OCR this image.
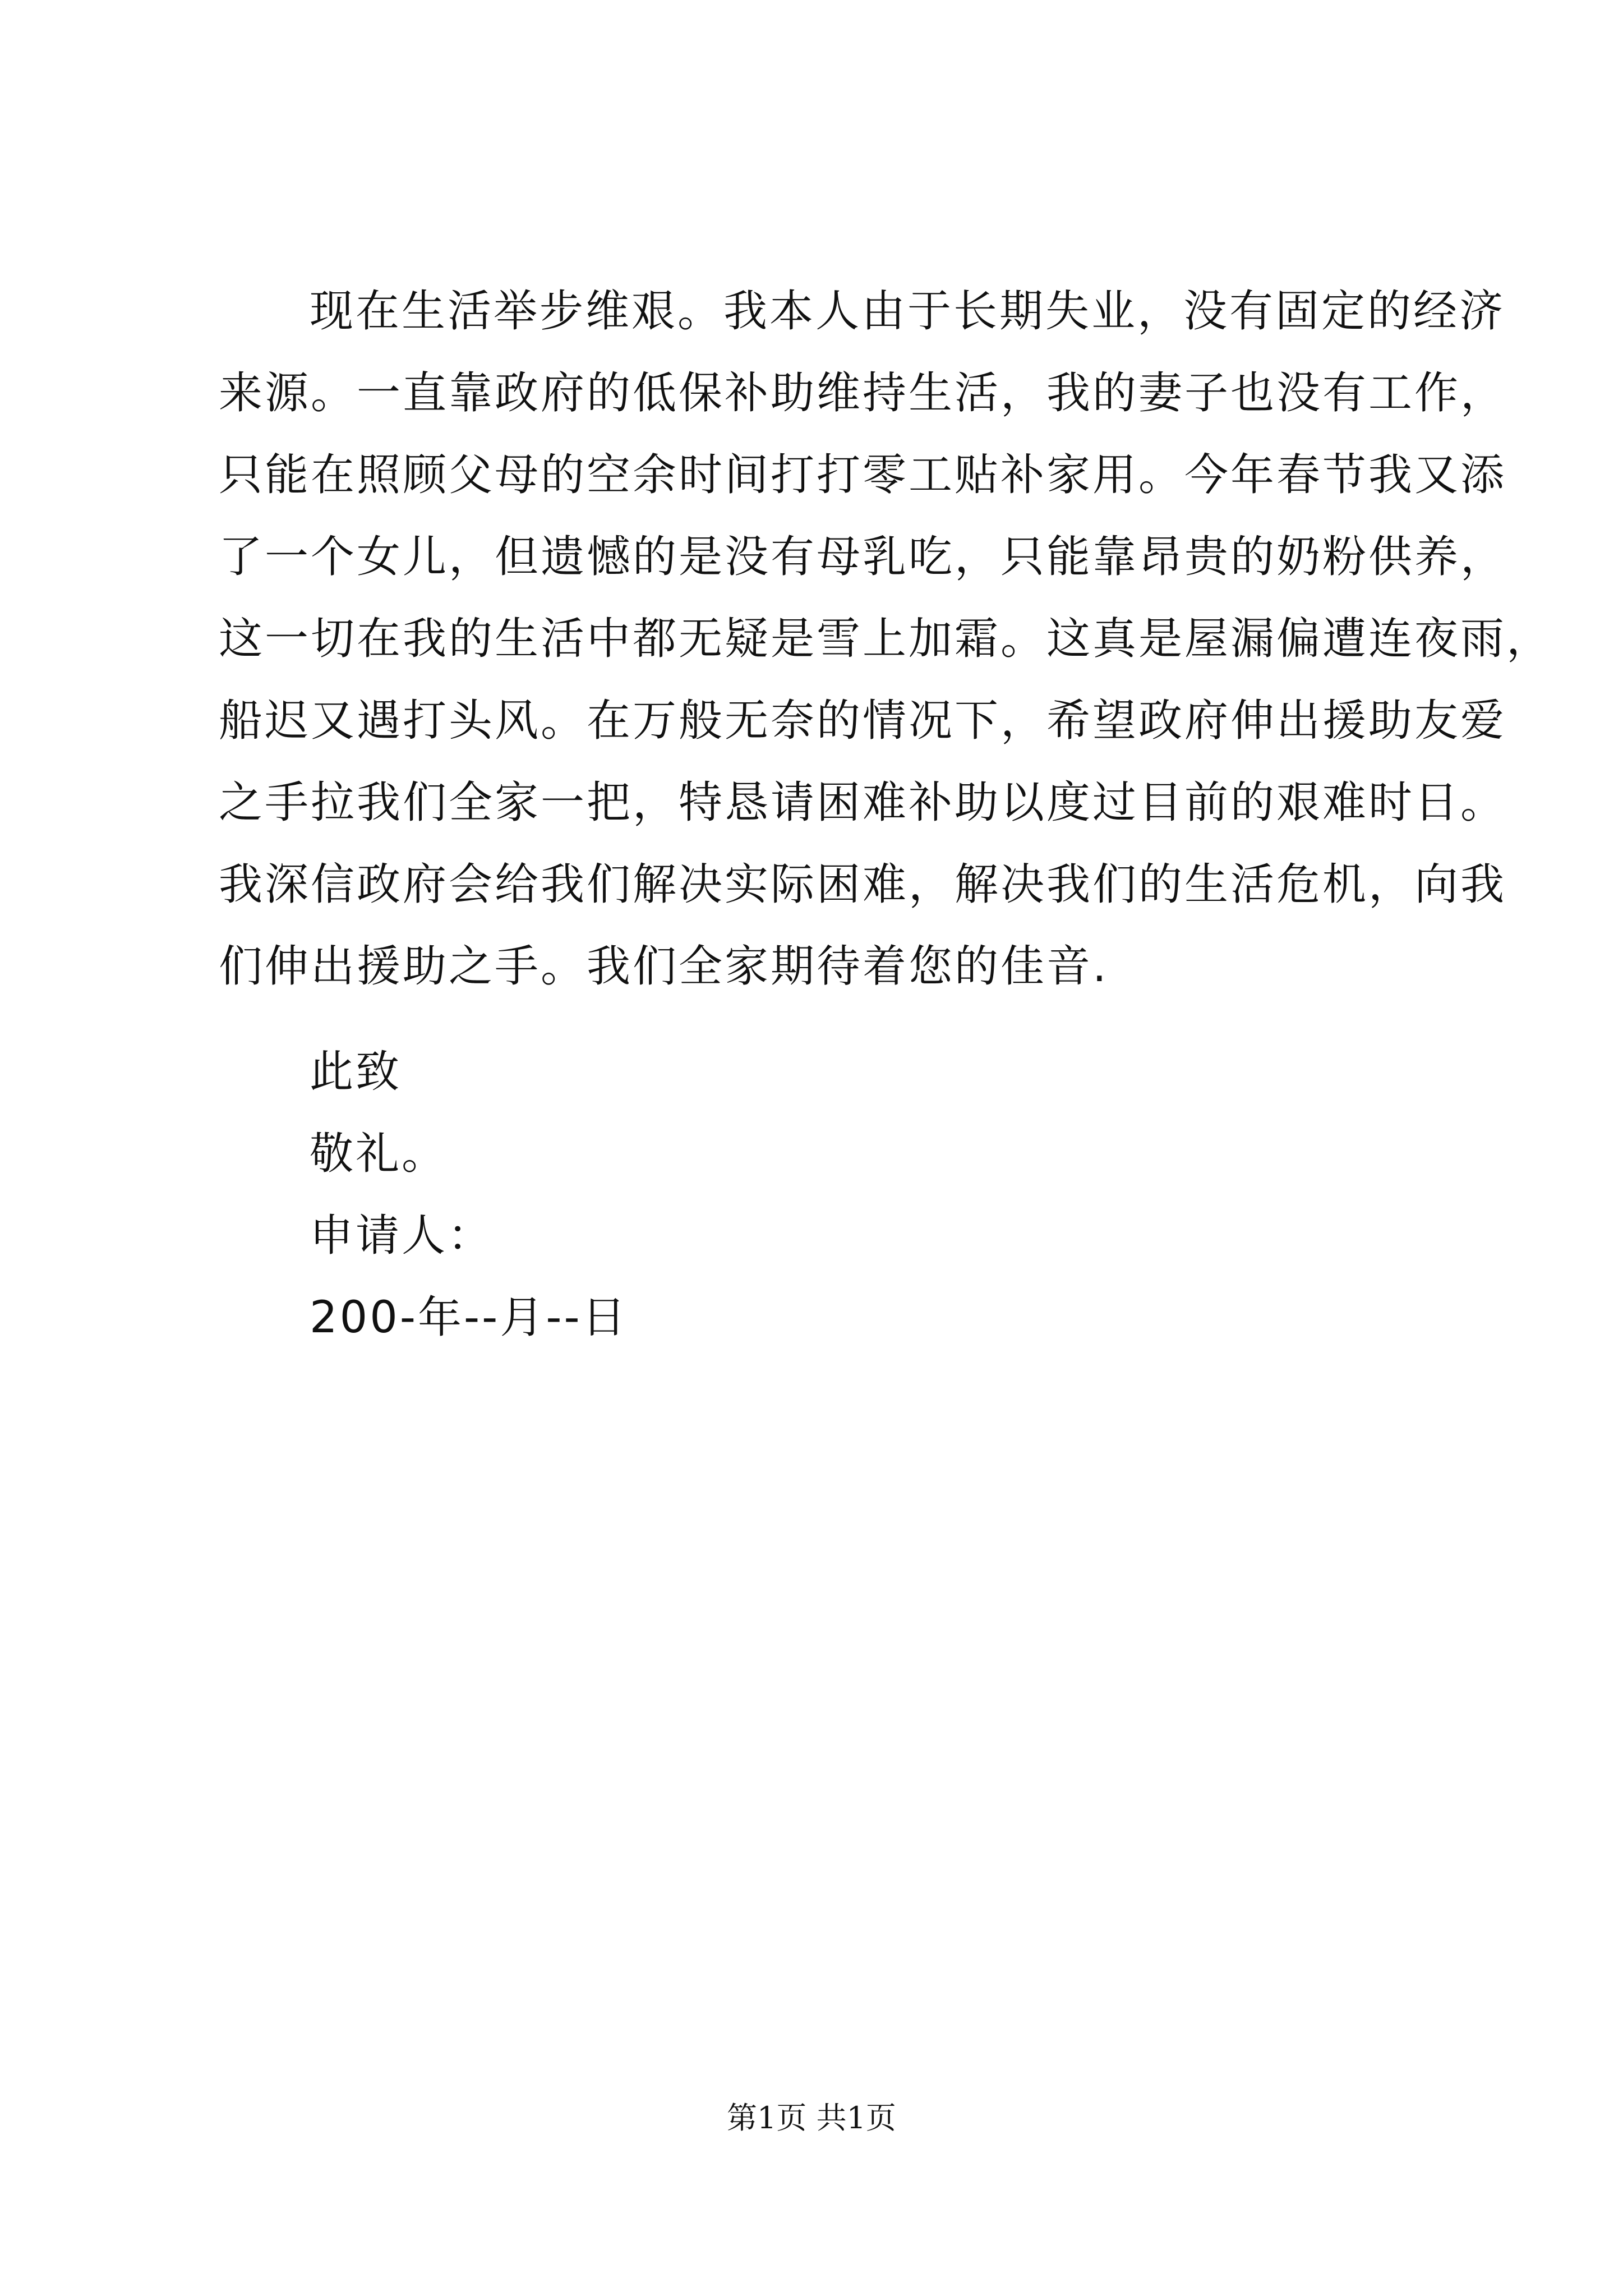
现在生活举步维艰。我本人由于长期失业，没有固定的经济
来源。一直靠政府的低保补助维持生活，我的妻子也没有工作，
只能在照顾父母的空余时间打打零工贴补家用。今年春节我又添
了一个女儿，但遗憾的是没有母乳吃，只能靠昂贵的奶粉供养，
这一切在我的生活中都无疑是雪上加霜。这真是屋漏偏遭连夜雨，
船迟又遇打头风。在万般无奈的情况下，希望政府伸出援助友爱
之手拉我们全家一把，特恳请困难补助以度过目前的艰难时日。
我深信政府会给我们解决实际困难，解决我们的生活危机，向我
们伸出援助之手。我们全家期待着您的佳音.
此致
敬礼。
申请人：
200-年--月--日
第1页 共1页
